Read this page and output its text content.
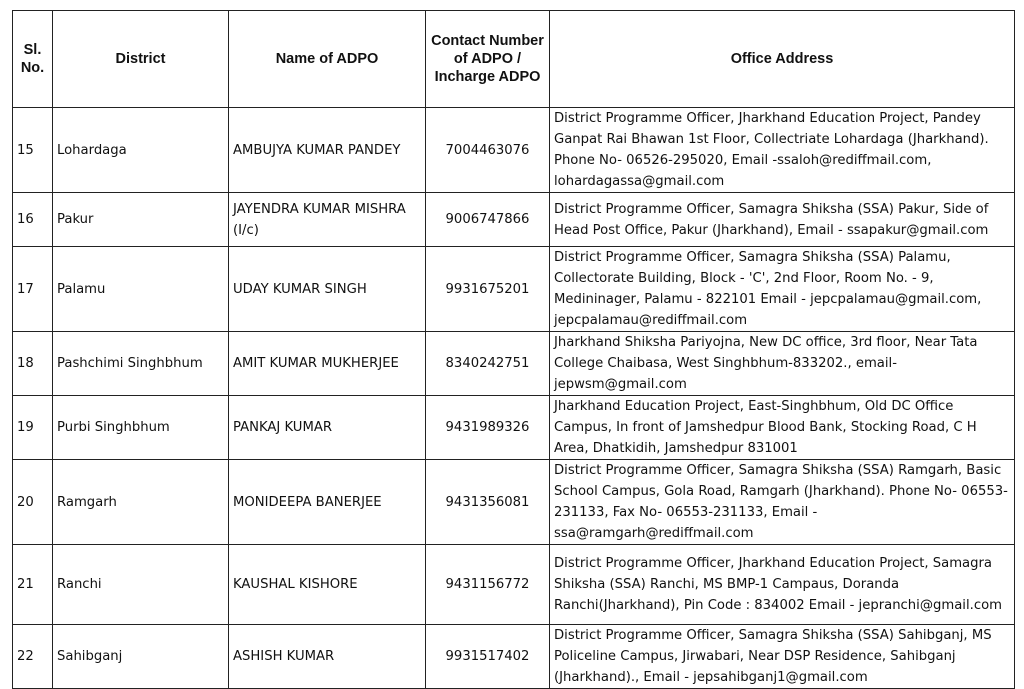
Sl. No.	District	Name of ADPO	Contact Number of ADPO / Incharge ADPO	Office Address
15	Lohardaga	AMBUJYA KUMAR PANDEY	7004463076	District Programme Officer, Jharkhand Education Project, Pandey Ganpat Rai Bhawan 1st Floor, Collectriate Lohardaga (Jharkhand). Phone No- 06526-295020, Email -ssaloh@rediffmail.com, lohardagassa@gmail.com
16	Pakur	JAYENDRA KUMAR MISHRA (I/c)	9006747866	District Programme Officer, Samagra Shiksha (SSA) Pakur, Side of Head Post Office, Pakur (Jharkhand), Email - ssapakur@gmail.com
17	Palamu	UDAY KUMAR SINGH	9931675201	District Programme Officer, Samagra Shiksha (SSA) Palamu, Collectorate Building, Block - 'C', 2nd Floor, Room No. - 9, Medininager, Palamu - 822101 Email - jepcpalamau@gmail.com, jepcpalamau@rediffmail.com
18	Pashchimi Singhbhum	AMIT KUMAR MUKHERJEE	8340242751	Jharkhand Shiksha Pariyojna, New DC office, 3rd floor, Near Tata College Chaibasa, West Singhbhum-833202., email- jepwsm@gmail.com
19	Purbi Singhbhum	PANKAJ KUMAR	9431989326	Jharkhand Education Project, East-Singhbhum, Old DC Office Campus, In front of Jamshedpur Blood Bank, Stocking Road, C H Area, Dhatkidih, Jamshedpur 831001
20	Ramgarh	MONIDEEPA BANERJEE	9431356081	District Programme Officer, Samagra Shiksha (SSA) Ramgarh, Basic School Campus, Gola Road, Ramgarh (Jharkhand). Phone No- 06553-231133, Fax No- 06553-231133, Email - ssa@ramgarh@rediffmail.com
21	Ranchi	KAUSHAL KISHORE	9431156772	District Programme Officer, Jharkhand Education Project, Samagra Shiksha (SSA) Ranchi, MS BMP-1 Campaus, Doranda Ranchi(Jharkhand), Pin Code : 834002 Email - jepranchi@gmail.com
22	Sahibganj	ASHISH KUMAR	9931517402	District Programme Officer, Samagra Shiksha (SSA) Sahibganj, MS Policeline Campus, Jirwabari, Near DSP Residence, Sahibganj (Jharkhand)., Email - jepsahibganj1@gmail.com
